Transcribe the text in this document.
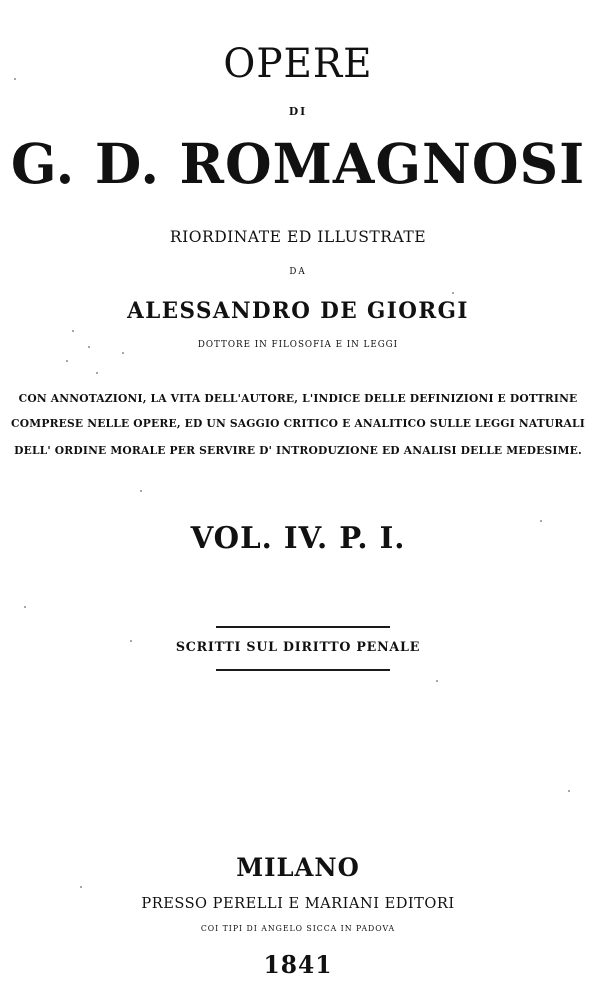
OPERE
DI
G. D. ROMAGNOSI
RIORDINATE ED ILLUSTRATE
DA
ALESSANDRO DE GIORGI
DOTTORE IN FILOSOFIA E IN LEGGI
CON ANNOTAZIONI, LA VITA DELL'AUTORE, L'INDICE DELLE DEFINIZIONI E DOTTRINE
COMPRESE NELLE OPERE, ED UN SAGGIO CRITICO E ANALITICO SULLE LEGGI NATURALI
DELL' ORDINE MORALE PER SERVIRE D' INTRODUZIONE ED ANALISI DELLE MEDESIME.
VOL. IV. P. I.
SCRITTI SUL DIRITTO PENALE
MILANO
PRESSO PERELLI E MARIANI EDITORI
COI TIPI DI ANGELO SICCA IN PADOVA
1841
